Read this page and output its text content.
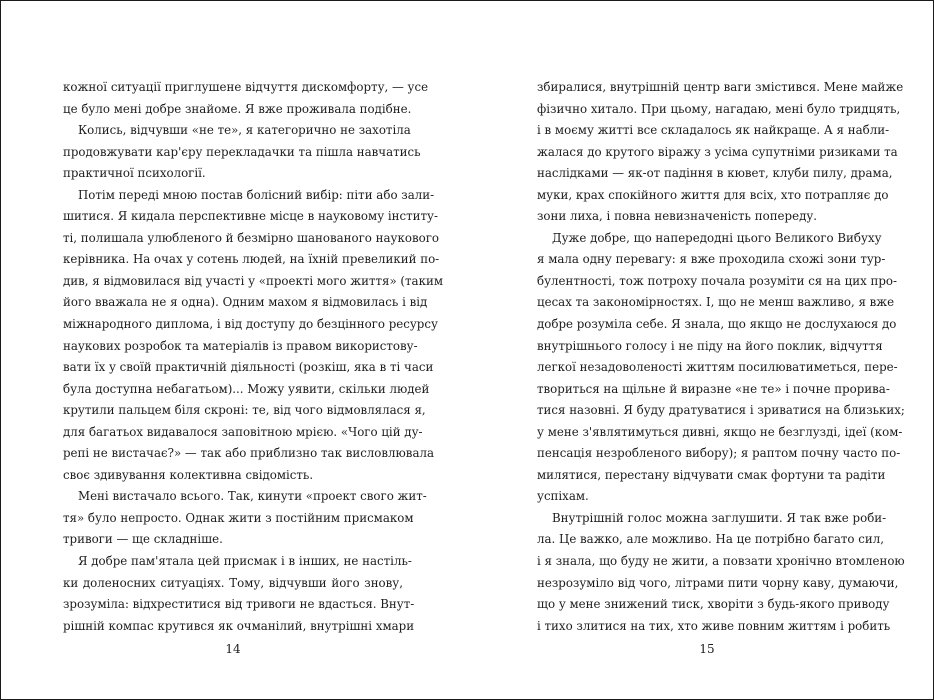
кожної ситуації приглушене відчуття дискомфорту, — усе
це було мені добре знайоме. Я вже проживала подібне.
Колись, відчувши «не те», я категорично не захотіла
продовжувати кар'єру перекладачки та пішла навчатись
практичної психології.
Потім переді мною постав болісний вибір: піти або зали-
шитися. Я кидала перспективне місце в науковому інститу-
ті, полишала улюбленого й безмірно шанованого наукового
керівника. На очах у сотень людей, на їхній превеликий по-
див, я відмовилася від участі у «проекті мого життя» (таким
його вважала не я одна). Одним махом я відмовилась і від
міжнародного диплома, і від доступу до безцінного ресурсу
наукових розробок та матеріалів із правом використову-
вати їх у своїй практичній діяльності (розкіш, яка в ті часи
була доступна небагатьом)... Можу уявити, скільки людей
крутили пальцем біля скроні: те, від чого відмовлялася я,
для багатьох видавалося заповітною мрією. «Чого цій ду-
репі не вистачає?» — так або приблизно так висловлювала
своє здивування колективна свідомість.
Мені вистачало всього. Так, кинути «проект свого жит-
тя» було непросто. Однак жити з постійним присмаком
тривоги — ще складніше.
Я добре пам'ятала цей присмак і в інших, не настіль-
ки доленосних ситуаціях. Тому, відчувши його знову,
зрозуміла: відхреститися від тривоги не вдасться. Внут-
рішній компас крутився як очманілий, внутрішні хмари
14
збиралися, внутрішній центр ваги змістився. Мене майже
фізично хитало. При цьому, нагадаю, мені було тридцять,
і в моєму житті все складалось як найкраще. А я набли-
жалася до крутого віражу з усіма супутніми ризиками та
наслідками — як-от падіння в кювет, клуби пилу, драма,
муки, крах спокійного життя для всіх, хто потрапляє до
зони лиха, і повна невизначеність попереду.
Дуже добре, що напередодні цього Великого Вибуху
я мала одну перевагу: я вже проходила схожі зони тур-
булентності, тож потроху почала розуміти ся на цих про-
цесах та закономірностях. І, що не менш важливо, я вже
добре розуміла себе. Я знала, що якщо не дослухаюся до
внутрішнього голосу і не піду на його поклик, відчуття
легкої незадоволеності життям посилюватиметься, пере-
твориться на щільне й виразне «не те» і почне прорива-
тися назовні. Я буду дратуватися і зриватися на близьких;
у мене з'являтимуться дивні, якщо не безглузді, ідеї (ком-
пенсація незробленого вибору); я раптом почну часто по-
милятися, перестану відчувати смак фортуни та радіти
успіхам.
Внутрішній голос можна заглушити. Я так вже роби-
ла. Це важко, але можливо. На це потрібно багато сил,
і я знала, що буду не жити, а повзати хронічно втомленою
незрозуміло від чого, літрами пити чорну каву, думаючи,
що у мене знижений тиск, хворіти з будь-якого приводу
і тихо злитися на тих, хто живе повним життям і робить
15
